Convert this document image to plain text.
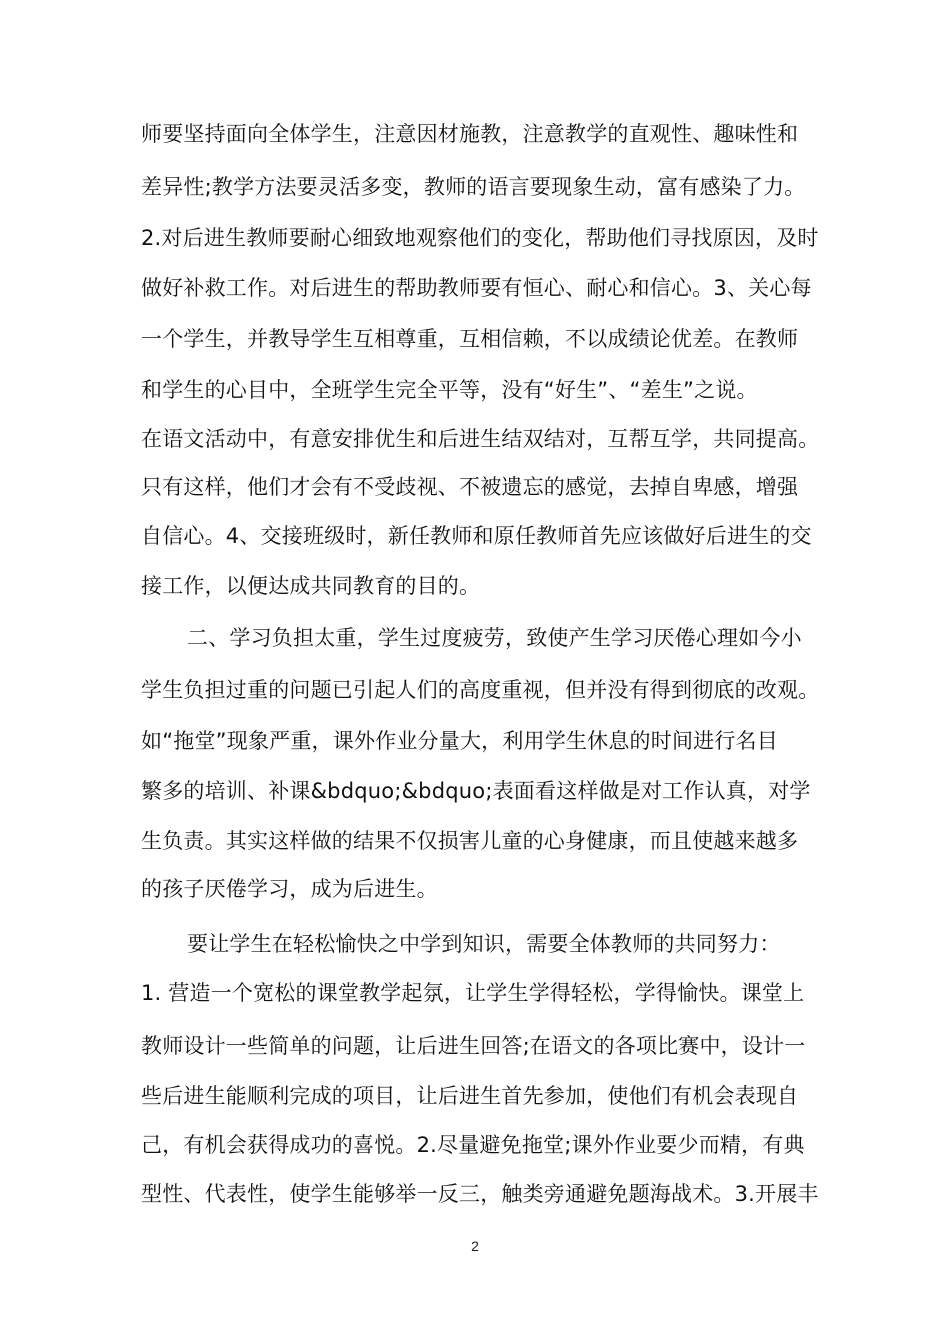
师要坚持面向全体学生，注意因材施教，注意教学的直观性、趣味性和
差异性;教学方法要灵活多变，教师的语言要现象生动，富有感染了力。
2.对后进生教师要耐心细致地观察他们的变化，帮助他们寻找原因，及时
做好补救工作。对后进生的帮助教师要有恒心、耐心和信心。3、关心每
一个学生，并教导学生互相尊重，互相信赖，不以成绩论优差。在教师
和学生的心目中，全班学生完全平等，没有“好生”、“差生”之说。
在语文活动中，有意安排优生和后进生结双结对，互帮互学，共同提高。
只有这样，他们才会有不受歧视、不被遗忘的感觉，去掉自卑感，增强
自信心。4、交接班级时，新任教师和原任教师首先应该做好后进生的交
接工作，以便达成共同教育的目的。
二、学习负担太重，学生过度疲劳，致使产生学习厌倦心理如今小
学生负担过重的问题已引起人们的高度重视，但并没有得到彻底的改观。
如“拖堂”现象严重，课外作业分量大，利用学生休息的时间进行名目
繁多的培训、补课&bdquo;&bdquo;表面看这样做是对工作认真，对学
生负责。其实这样做的结果不仅损害儿童的心身健康，而且使越来越多
的孩子厌倦学习，成为后进生。
要让学生在轻松愉快之中学到知识，需要全体教师的共同努力：
1. 营造一个宽松的课堂教学起氛，让学生学得轻松，学得愉快。课堂上
教师设计一些简单的问题，让后进生回答;在语文的各项比赛中，设计一
些后进生能顺利完成的项目，让后进生首先参加，使他们有机会表现自
己，有机会获得成功的喜悦。2.尽量避免拖堂;课外作业要少而精，有典
型性、代表性，使学生能够举一反三，触类旁通避免题海战术。3.开展丰
2
